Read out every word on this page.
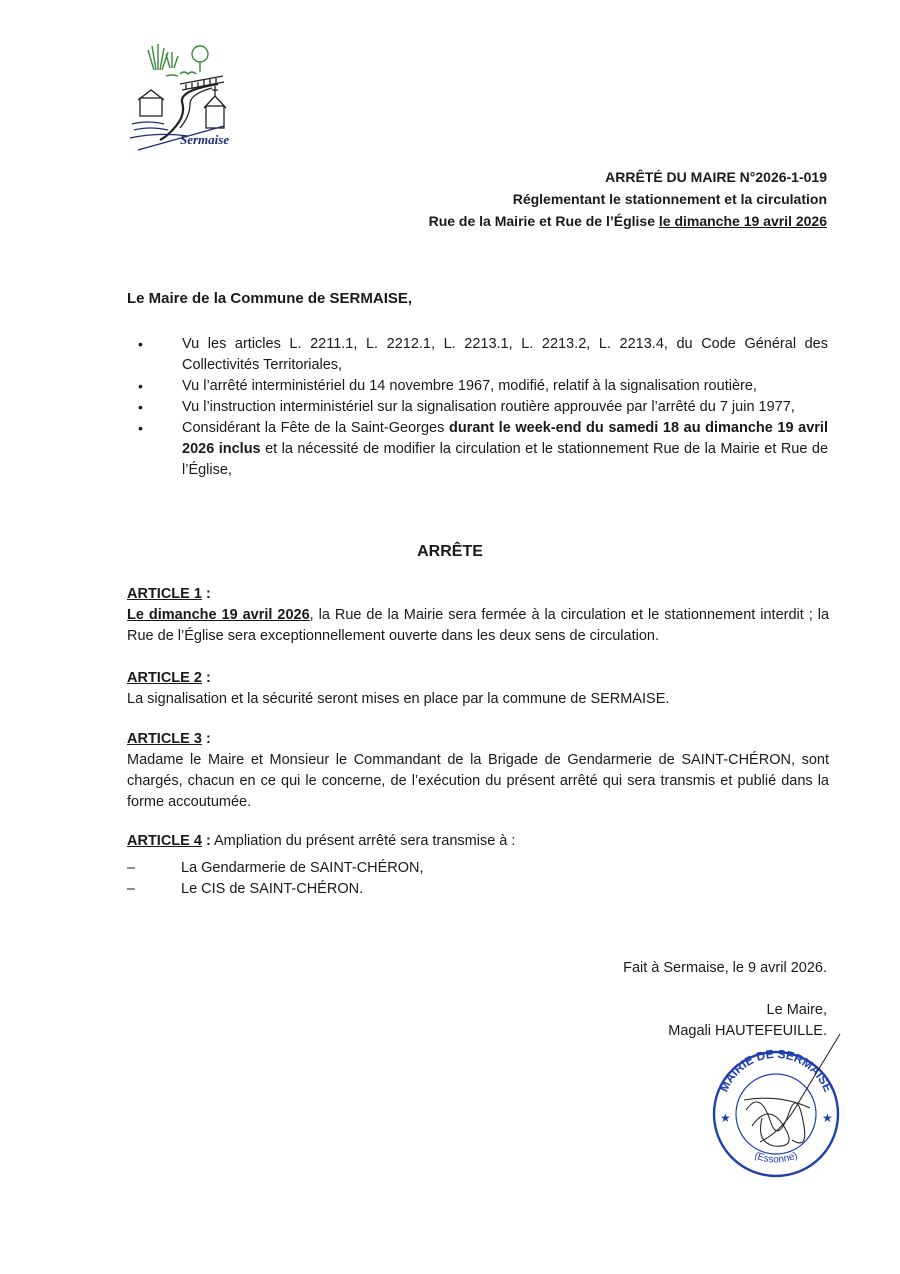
Sermaise
ARRÊTÉ DU MAIRE N°2026-1-019
Réglementant le stationnement et la circulation
Rue de la Mairie et Rue de l’Église le dimanche 19 avril 2026
Le Maire de la Commune de SERMAISE,
• Vu les articles L. 2211.1, L. 2212.1, L. 2213.1, L. 2213.2, L. 2213.4, du Code Général des Collectivités Territoriales,
• Vu l’arrêté interministériel du 14 novembre 1967, modifié, relatif à la signalisation routière,
• Vu l’instruction interministériel sur la signalisation routière approuvée par l’arrêté du 7 juin 1977,
• Considérant la Fête de la Saint-Georges durant le week-end du samedi 18 au dimanche 19 avril 2026 inclus et la nécessité de modifier la circulation et le stationnement Rue de la Mairie et Rue de l’Église,
ARRÊTE
ARTICLE 1 :
Le dimanche 19 avril 2026, la Rue de la Mairie sera fermée à la circulation et le stationnement interdit ; la Rue de l’Église sera exceptionnellement ouverte dans les deux sens de circulation.
ARTICLE 2 :
La signalisation et la sécurité seront mises en place par la commune de SERMAISE.
ARTICLE 3 :
Madame le Maire et Monsieur le Commandant de la Brigade de Gendarmerie de SAINT-CHÉRON, sont chargés, chacun en ce qui le concerne, de l’exécution du présent arrêté qui sera transmis et publié dans la forme accoutumée.
ARTICLE 4 : Ampliation du présent arrêté sera transmise à :
– La Gendarmerie de SAINT-CHÉRON,
– Le CIS de SAINT-CHÉRON.
Fait à Sermaise, le 9 avril 2026.
Le Maire,
Magali HAUTEFEUILLE.
MAIRIE DE SERMAISE
(Essonne)
★	★
